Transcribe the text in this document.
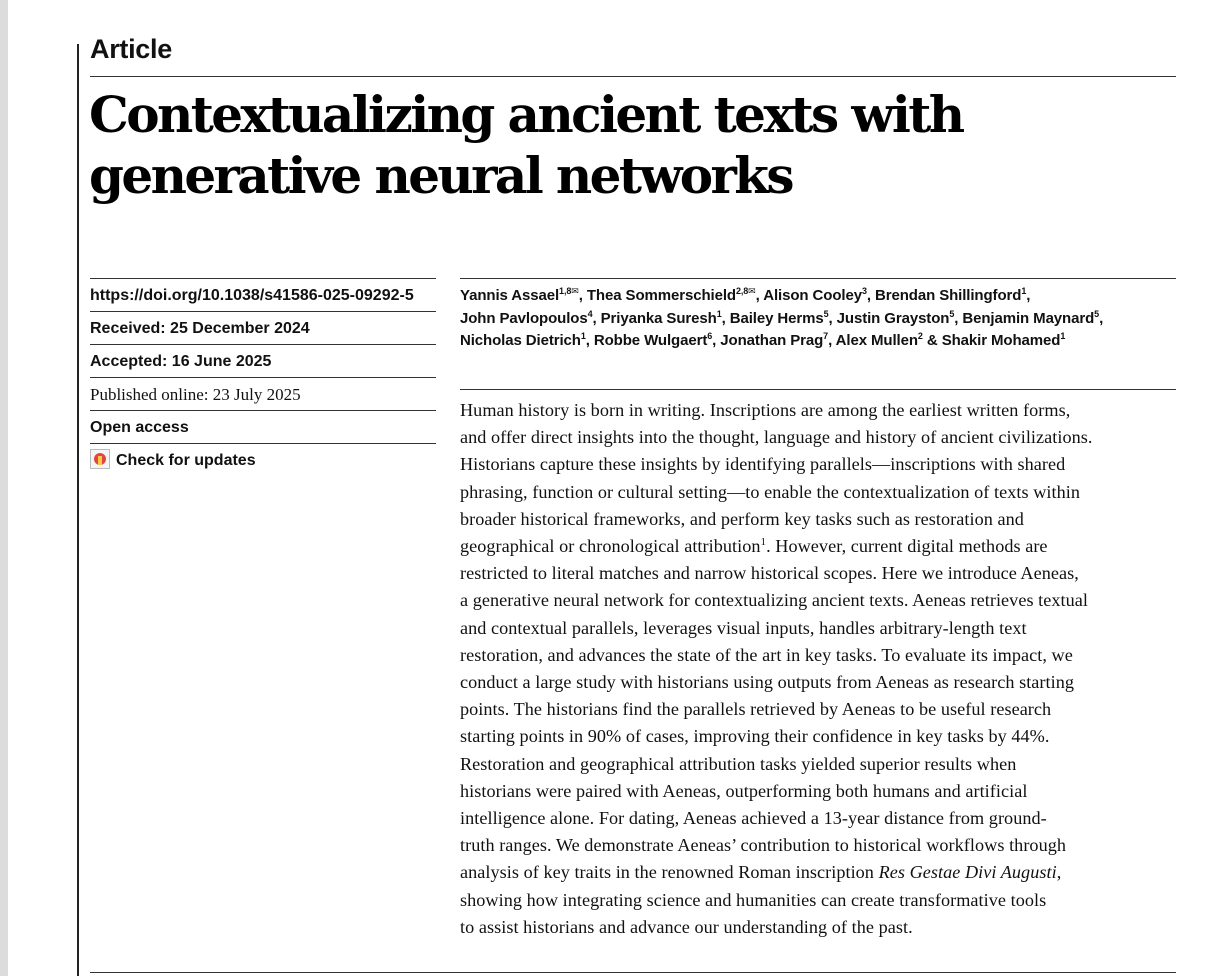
Article
Contextualizing ancient texts with
generative neural networks
https://doi.org/10.1038/s41586-025-09292-5
Received: 25 December 2024
Accepted: 16 June 2025
Published online: 23 July 2025
Open access
Check for updates
Yannis Assael$^{1,8✉}$, Thea Sommerschield$^{2,8✉}$, Alison Cooley$^3$, Brendan Shillingford$^1$,
John Pavlopoulos$^4$, Priyanka Suresh$^1$, Bailey Herms$^5$, Justin Grayston$^5$, Benjamin Maynard$^5$,
Nicholas Dietrich$^1$, Robbe Wulgaert$^6$, Jonathan Prag$^7$, Alex Mullen$^2$ & Shakir Mohamed$^1$

Human history is born in writing. Inscriptions are among the earliest written forms,
and offer direct insights into the thought, language and history of ancient civilizations.
Historians capture these insights by identifying parallels—inscriptions with shared
phrasing, function or cultural setting—to enable the contextualization of texts within
broader historical frameworks, and perform key tasks such as restoration and
geographical or chronological attribution$^1$. However, current digital methods are
restricted to literal matches and narrow historical scopes. Here we introduce Aeneas,
a generative neural network for contextualizing ancient texts. Aeneas retrieves textual
and contextual parallels, leverages visual inputs, handles arbitrary-length text
restoration, and advances the state of the art in key tasks. To evaluate its impact, we
conduct a large study with historians using outputs from Aeneas as research starting
points. The historians find the parallels retrieved by Aeneas to be useful research
starting points in 90% of cases, improving their confidence in key tasks by 44%.
Restoration and geographical attribution tasks yielded superior results when
historians were paired with Aeneas, outperforming both humans and artificial
intelligence alone. For dating, Aeneas achieved a 13-year distance from ground-
truth ranges. We demonstrate Aeneas’ contribution to historical workflows through
analysis of key traits in the renowned Roman inscription Res Gestae Divi Augusti,
showing how integrating science and humanities can create transformative tools
to assist historians and advance our understanding of the past.
